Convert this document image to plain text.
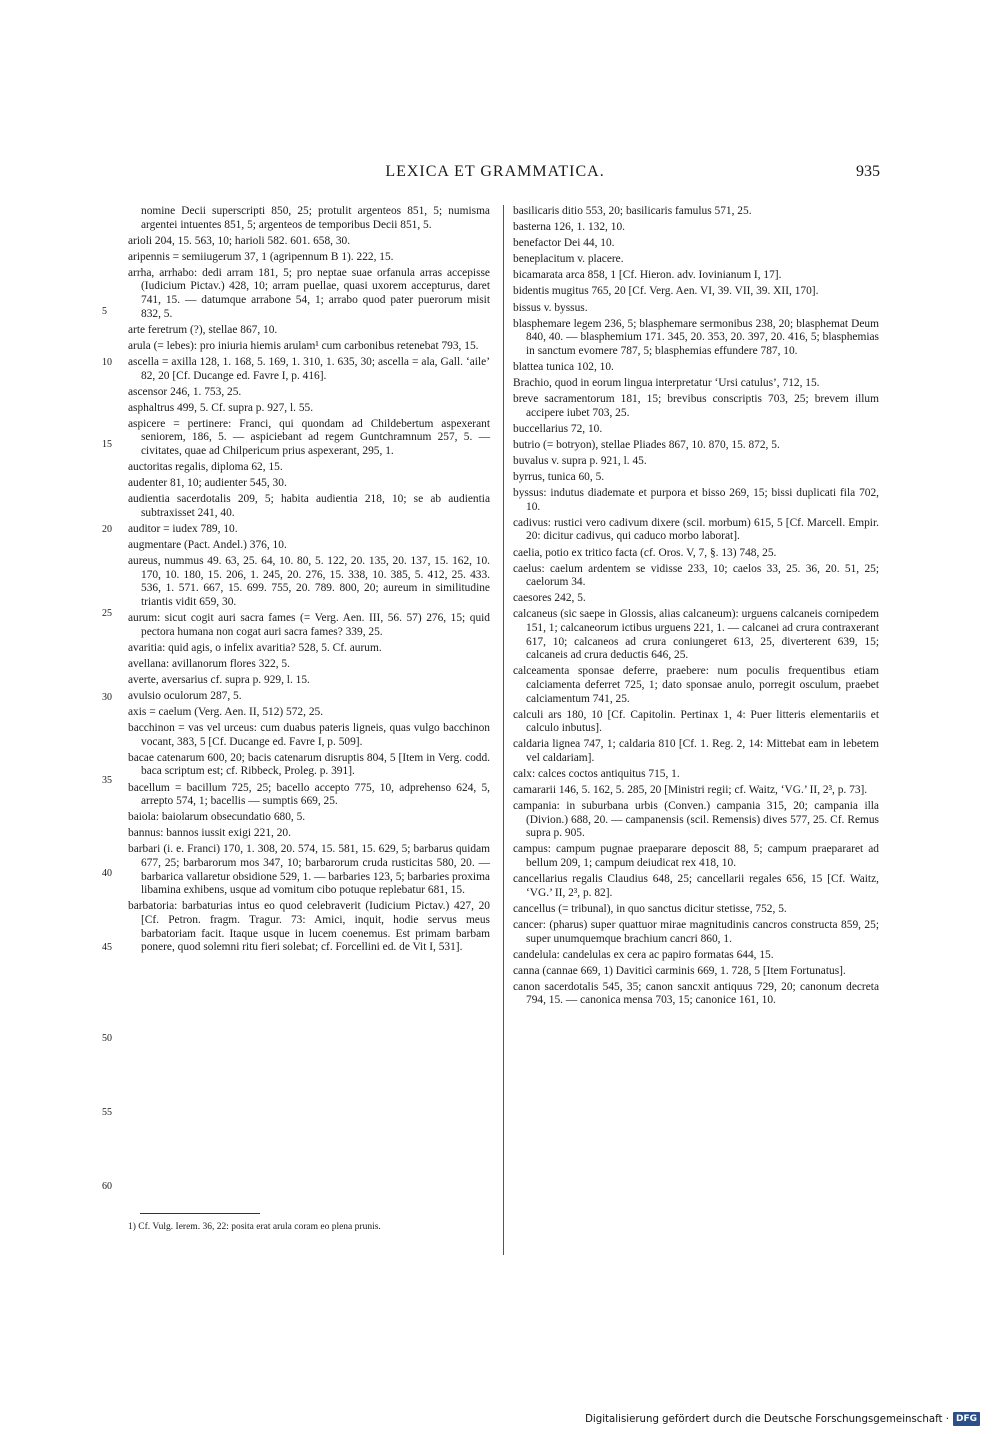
LEXICA ET GRAMMATICA.	935
5
10
15
20
25
30
35
40
45
50
55
60

nomine Decii superscripti 850, 25; protulit argenteos 851, 5; numisma argentei intuentes 851, 5; argenteos de temporibus Decii 851, 5.

arioli 204, 15. 563, 10; harioli 582. 601. 658, 30.

aripennis = semiiugerum 37, 1 (agripennum B 1). 222, 15.

arrha, arrhabo: dedi arram 181, 5; pro neptae suae orfanula arras accepisse (Iudicium Pictav.) 428, 10; arram puellae, quasi uxorem accepturus, daret 741, 15. — datumque arrabone 54, 1; arrabo quod pater puerorum misit 832, 5.

arte feretrum (?), stellae 867, 10.

arula (= lebes): pro iniuria hiemis arulam¹ cum carbonibus retenebat 793, 15.

ascella = axilla 128, 1. 168, 5. 169, 1. 310, 1. 635, 30; ascella = ala, Gall. ‘aile’ 82, 20 [Cf. Ducange ed. Favre I, p. 416].

ascensor 246, 1. 753, 25.

asphaltrus 499, 5. Cf. supra p. 927, l. 55.

aspicere = pertinere: Franci, qui quondam ad Childebertum aspexerant seniorem, 186, 5. — aspiciebant ad regem Guntchramnum 257, 5. — civitates, quae ad Chilpericum prius aspexerant, 295, 1.

auctoritas regalis, diploma 62, 15.

audenter 81, 10; audienter 545, 30.

audientia sacerdotalis 209, 5; habita audientia 218, 10; se ab audientia subtraxisset 241, 40.

auditor = iudex 789, 10.

augmentare (Pact. Andel.) 376, 10.

aureus, nummus 49. 63, 25. 64, 10. 80, 5. 122, 20. 135, 20. 137, 15. 162, 10. 170, 10. 180, 15. 206, 1. 245, 20. 276, 15. 338, 10. 385, 5. 412, 25. 433. 536, 1. 571. 667, 15. 699. 755, 20. 789. 800, 20; aureum in similitudine triantis vidit 659, 30.

aurum: sicut cogit auri sacra fames (= Verg. Aen. III, 56. 57) 276, 15; quid pectora humana non cogat auri sacra fames? 339, 25.

avaritia: quid agis, o infelix avaritia? 528, 5. Cf. aurum.

avellana: avillanorum flores 322, 5.

averte, aversarius cf. supra p. 929, l. 15.

avulsio oculorum 287, 5.

axis = caelum (Verg. Aen. II, 512) 572, 25.

bacchinon = vas vel urceus: cum duabus pateris ligneis, quas vulgo bacchinon vocant, 383, 5 [Cf. Ducange ed. Favre I, p. 509].

bacae catenarum 600, 20; bacis catenarum disruptis 804, 5 [Item in Verg. codd. baca scriptum est; cf. Ribbeck, Proleg. p. 391].

bacellum = bacillum 725, 25; bacello accepto 775, 10, adprehenso 624, 5, arrepto 574, 1; bacellis — sumptis 669, 25.

baiola: baiolarum obsecundatio 680, 5.

bannus: bannos iussit exigi 221, 20.

barbari (i. e. Franci) 170, 1. 308, 20. 574, 15. 581, 15. 629, 5; barbarus quidam 677, 25; barbarorum mos 347, 10; barbarorum cruda rusticitas 580, 20. — barbarica vallaretur obsidione 529, 1. — barbaries 123, 5; barbaries proxima libamina exhibens, usque ad vomitum cibo potuque replebatur 681, 15.

barbatoria: barbaturias intus eo quod celebraverit (Iudicium Pictav.) 427, 20 [Cf. Petron. fragm. Tragur. 73: Amici, inquit, hodie servus meus barbatoriam facit. Itaque usque in lucem coenemus. Est primam barbam ponere, quod solemni ritu fieri solebat; cf. Forcellini ed. de Vit I, 531].

basilicaris ditio 553, 20; basilicaris famulus 571, 25.

basterna 126, 1. 132, 10.

benefactor Dei 44, 10.

beneplacitum v. placere.

bicamarata arca 858, 1 [Cf. Hieron. adv. Iovinianum I, 17].

bidentis mugitus 765, 20 [Cf. Verg. Aen. VI, 39. VII, 39. XII, 170].

bissus v. byssus.

blasphemare legem 236, 5; blasphemare sermonibus 238, 20; blasphemat Deum 840, 40. — blasphemium 171. 345, 20. 353, 20. 397, 20. 416, 5; blasphemias in sanctum evomere 787, 5; blasphemias effundere 787, 10.

blattea tunica 102, 10.

Brachio, quod in eorum lingua interpretatur ‘Ursi catulus’, 712, 15.

breve sacramentorum 181, 15; brevibus conscriptis 703, 25; brevem illum accipere iubet 703, 25.

buccellarius 72, 10.

butrio (= botryon), stellae Pliades 867, 10. 870, 15. 872, 5.

buvalus v. supra p. 921, l. 45.

byrrus, tunica 60, 5.

byssus: indutus diademate et purpora et bisso 269, 15; bissi duplicati fila 702, 10.

cadivus: rustici vero cadivum dixere (scil. morbum) 615, 5 [Cf. Marcell. Empir. 20: dicitur cadivus, qui caduco morbo laborat].

caelia, potio ex tritico facta (cf. Oros. V, 7, §. 13) 748, 25.

caelus: caelum ardentem se vidisse 233, 10; caelos 33, 25. 36, 20. 51, 25; caelorum 34.

caesores 242, 5.

calcaneus (sic saepe in Glossis, alias calcaneum): urguens calcaneis cornipedem 151, 1; calcaneorum ictibus urguens 221, 1. — calcanei ad crura contraxerant 617, 10; calcaneos ad crura coniungeret 613, 25, diverterent 639, 15; calcaneis ad crura deductis 646, 25.

calceamenta sponsae deferre, praebere: num poculis frequentibus etiam calciamenta deferret 725, 1; dato sponsae anulo, porregit osculum, praebet calciamentum 741, 25.

calculi ars 180, 10 [Cf. Capitolin. Pertinax 1, 4: Puer litteris elementariis et calculo inbutus].

caldaria lignea 747, 1; caldaria 810 [Cf. 1. Reg. 2, 14: Mittebat eam in lebetem vel caldariam].

calx: calces coctos antiquitus 715, 1.

camararii 146, 5. 162, 5. 285, 20 [Ministri regii; cf. Waitz, ‘VG.’ II, 2³, p. 73].

campania: in suburbana urbis (Conven.) campania 315, 20; campania illa (Divion.) 688, 20. — campanensis (scil. Remensis) dives 577, 25. Cf. Remus supra p. 905.

campus: campum pugnae praeparare deposcit 88, 5; campum praepararet ad bellum 209, 1; campum deiudicat rex 418, 10.

cancellarius regalis Claudius 648, 25; cancellarii regales 656, 15 [Cf. Waitz, ‘VG.’ II, 2³, p. 82].

cancellus (= tribunal), in quo sanctus dicitur stetisse, 752, 5.

cancer: (pharus) super quattuor mirae magnitudinis cancros constructa 859, 25; super unumquemque brachium cancri 860, 1.

candelula: candelulas ex cera ac papiro formatas 644, 15.

canna (cannae 669, 1) Daviticì carminis 669, 1. 728, 5 [Item Fortunatus].

canon sacerdotalis 545, 35; canon sancxit antiquus 729, 20; canonum decreta 794, 15. — canonica mensa 703, 15; canonice 161, 10.

1) Cf. Vulg. Ierem. 36, 22: posita erat arula coram eo plena prunis.
Digitalisierung gefördert durch die Deutsche Forschungsgemeinschaft · DFG
